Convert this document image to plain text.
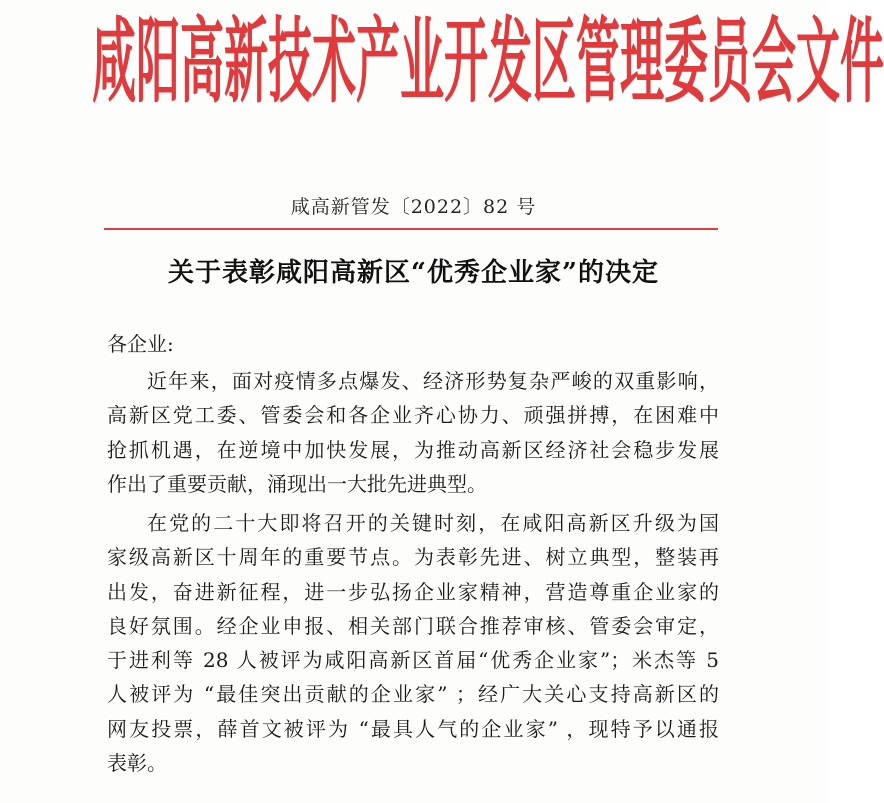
咸 阳 高 新 技 术 产 业 开 发 区 管 理 委 员 会 文 件
咸高新管发〔2022〕82 号
关于表彰咸阳高新区“优秀企业家”的决定
各企业:
近年来，面对疫情多点爆发、经济形势复杂严峻的双重影响，
高新区党工委、管委会和各企业齐心协力、顽强拼搏，在困难中
抢抓机遇，在逆境中加快发展，为推动高新区经济社会稳步发展
作出了重要贡献，涌现出一大批先进典型。
在党的二十大即将召开的关键时刻，在咸阳高新区升级为国
家级高新区十周年的重要节点。为表彰先进、树立典型，整装再
出发，奋进新征程，进一步弘扬企业家精神，营造尊重企业家的
良好氛围。经企业申报、相关部门联合推荐审核、管委会审定，
于进利等 28 人被评为咸阳高新区首届“优秀企业家”；米杰等 5
人被评为 “最佳突出贡献的企业家” ；经广大关心支持高新区的
网友投票，薛首文被评为 “最具人气的企业家” ，现特予以通报
表彰。
